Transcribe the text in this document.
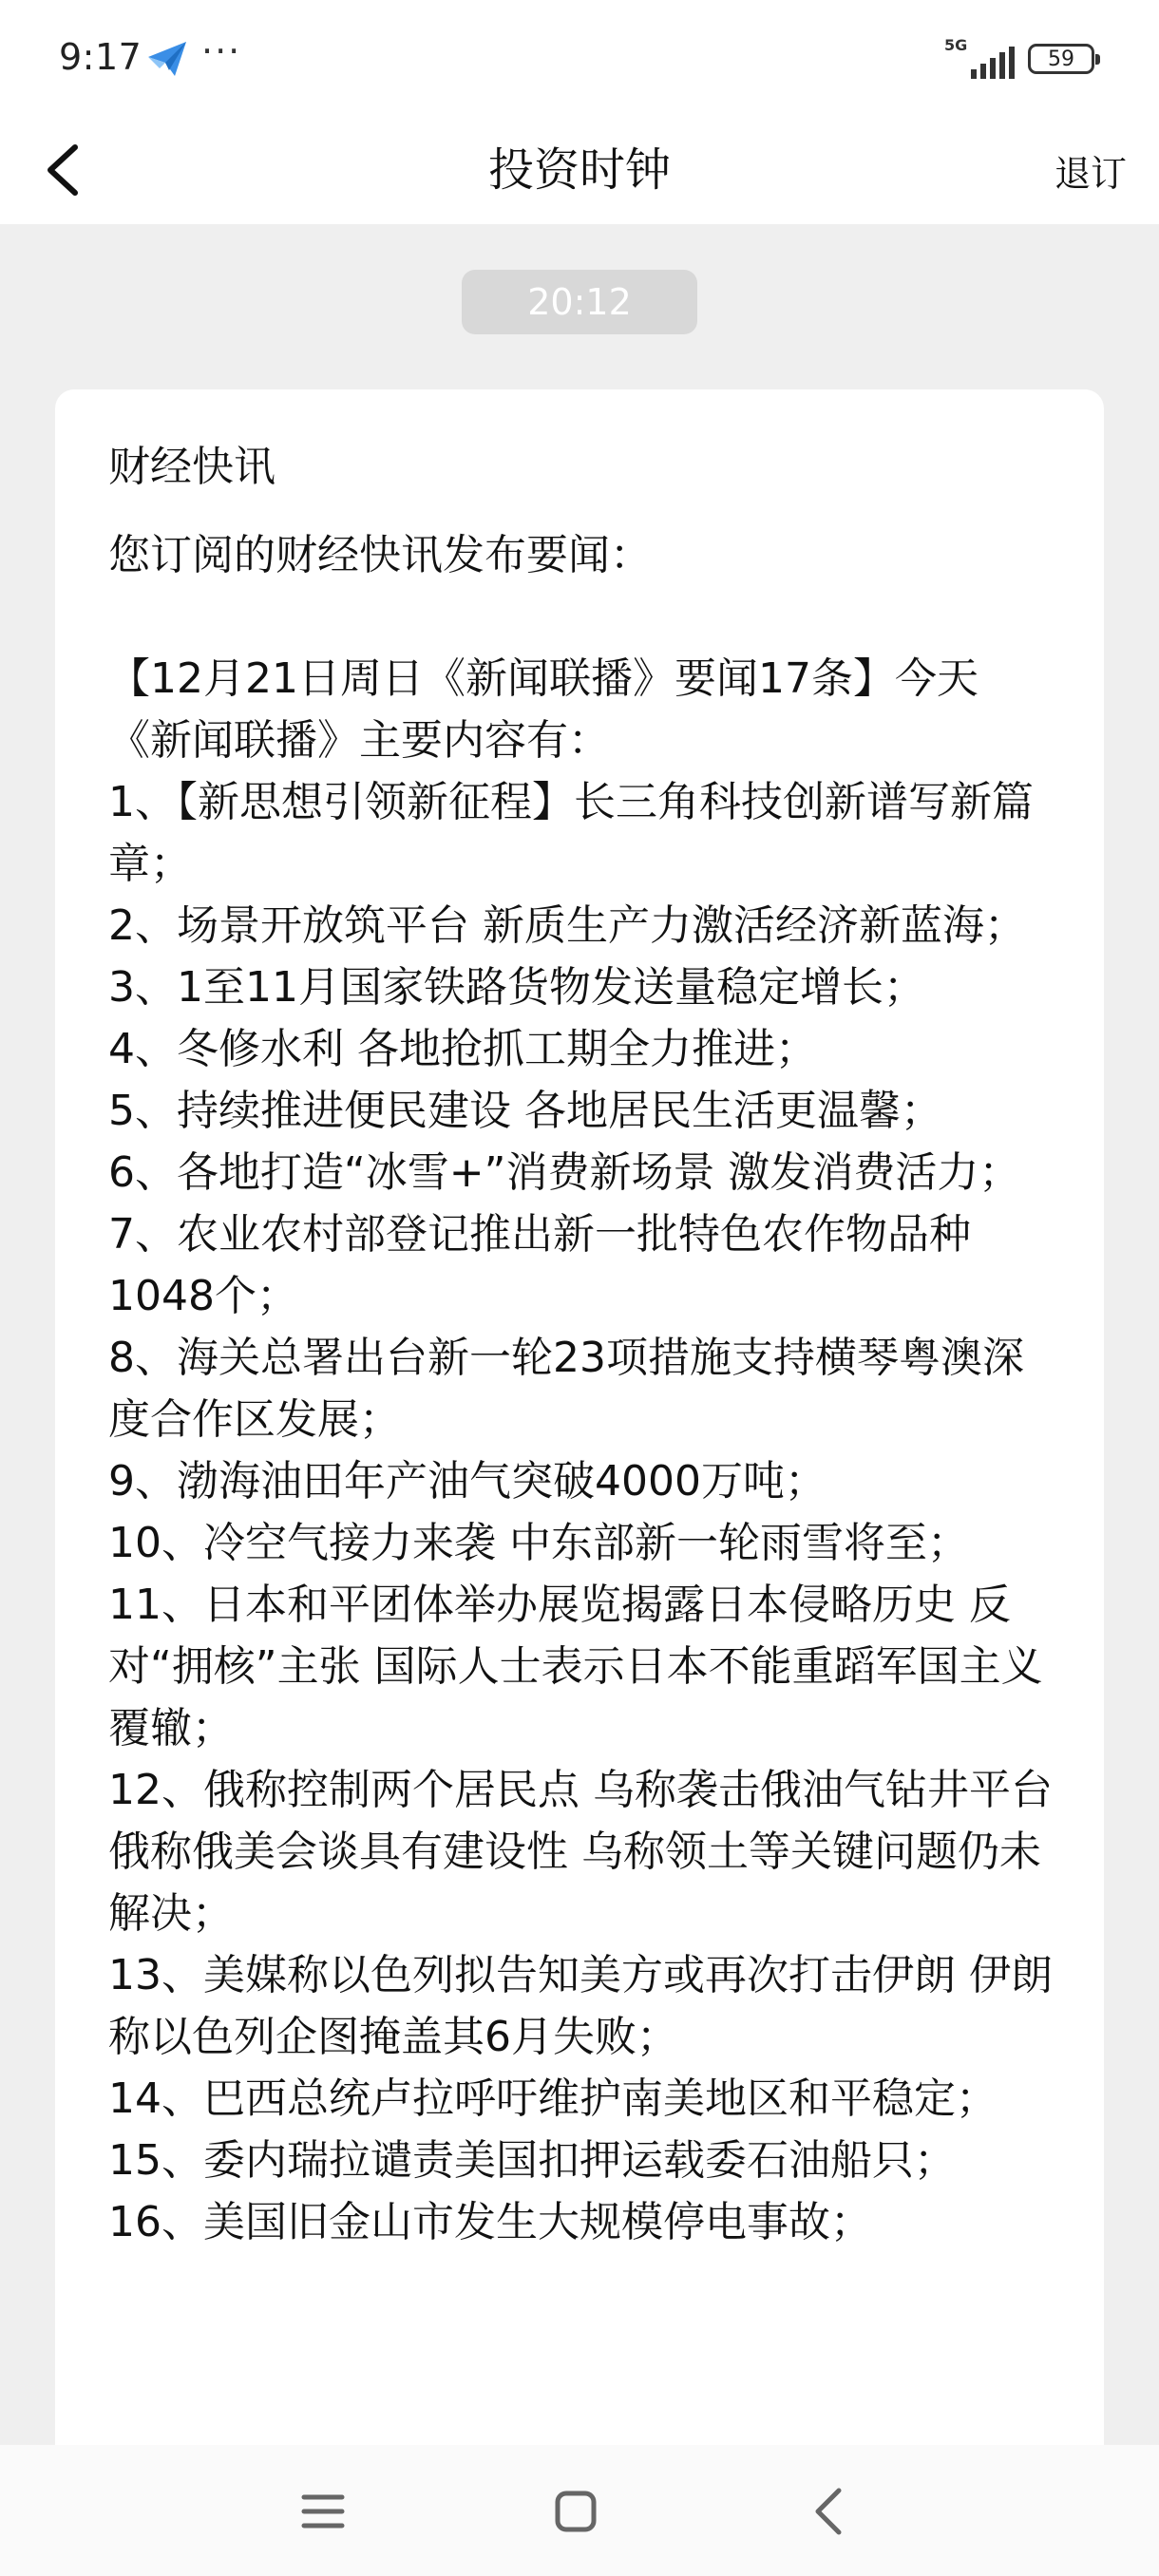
9:17 ···	5G
59
投资时钟	退订
20:12
财经快讯

您订阅的财经快讯发布要闻：

【12月21日周日《新闻联播》要闻17条】今天《新闻联播》主要内容有：

1、【新思想引领新征程】长三角科技创新谱写新篇章；

2、场景开放筑平台 新质生产力激活经济新蓝海；

3、1至11月国家铁路货物发送量稳定增长；

4、冬修水利 各地抢抓工期全力推进；

5、持续推进便民建设 各地居民生活更温馨；

6、各地打造“冰雪+”消费新场景 激发消费活力；

7、农业农村部登记推出新一批特色农作物品种1048个；

8、海关总署出台新一轮23项措施支持横琴粤澳深度合作区发展；

9、渤海油田年产油气突破4000万吨；

10、冷空气接力来袭 中东部新一轮雨雪将至；

11、日本和平团体举办展览揭露日本侵略历史 反对“拥核”主张 国际人士表示日本不能重蹈军国主义覆辙；

12、俄称控制两个居民点 乌称袭击俄油气钻井平台 俄称俄美会谈具有建设性 乌称领土等关键问题仍未解决；

13、美媒称以色列拟告知美方或再次打击伊朗 伊朗称以色列企图掩盖其6月失败；

14、巴西总统卢拉呼吁维护南美地区和平稳定；

15、委内瑞拉谴责美国扣押运载委石油船只；

16、美国旧金山市发生大规模停电事故；
